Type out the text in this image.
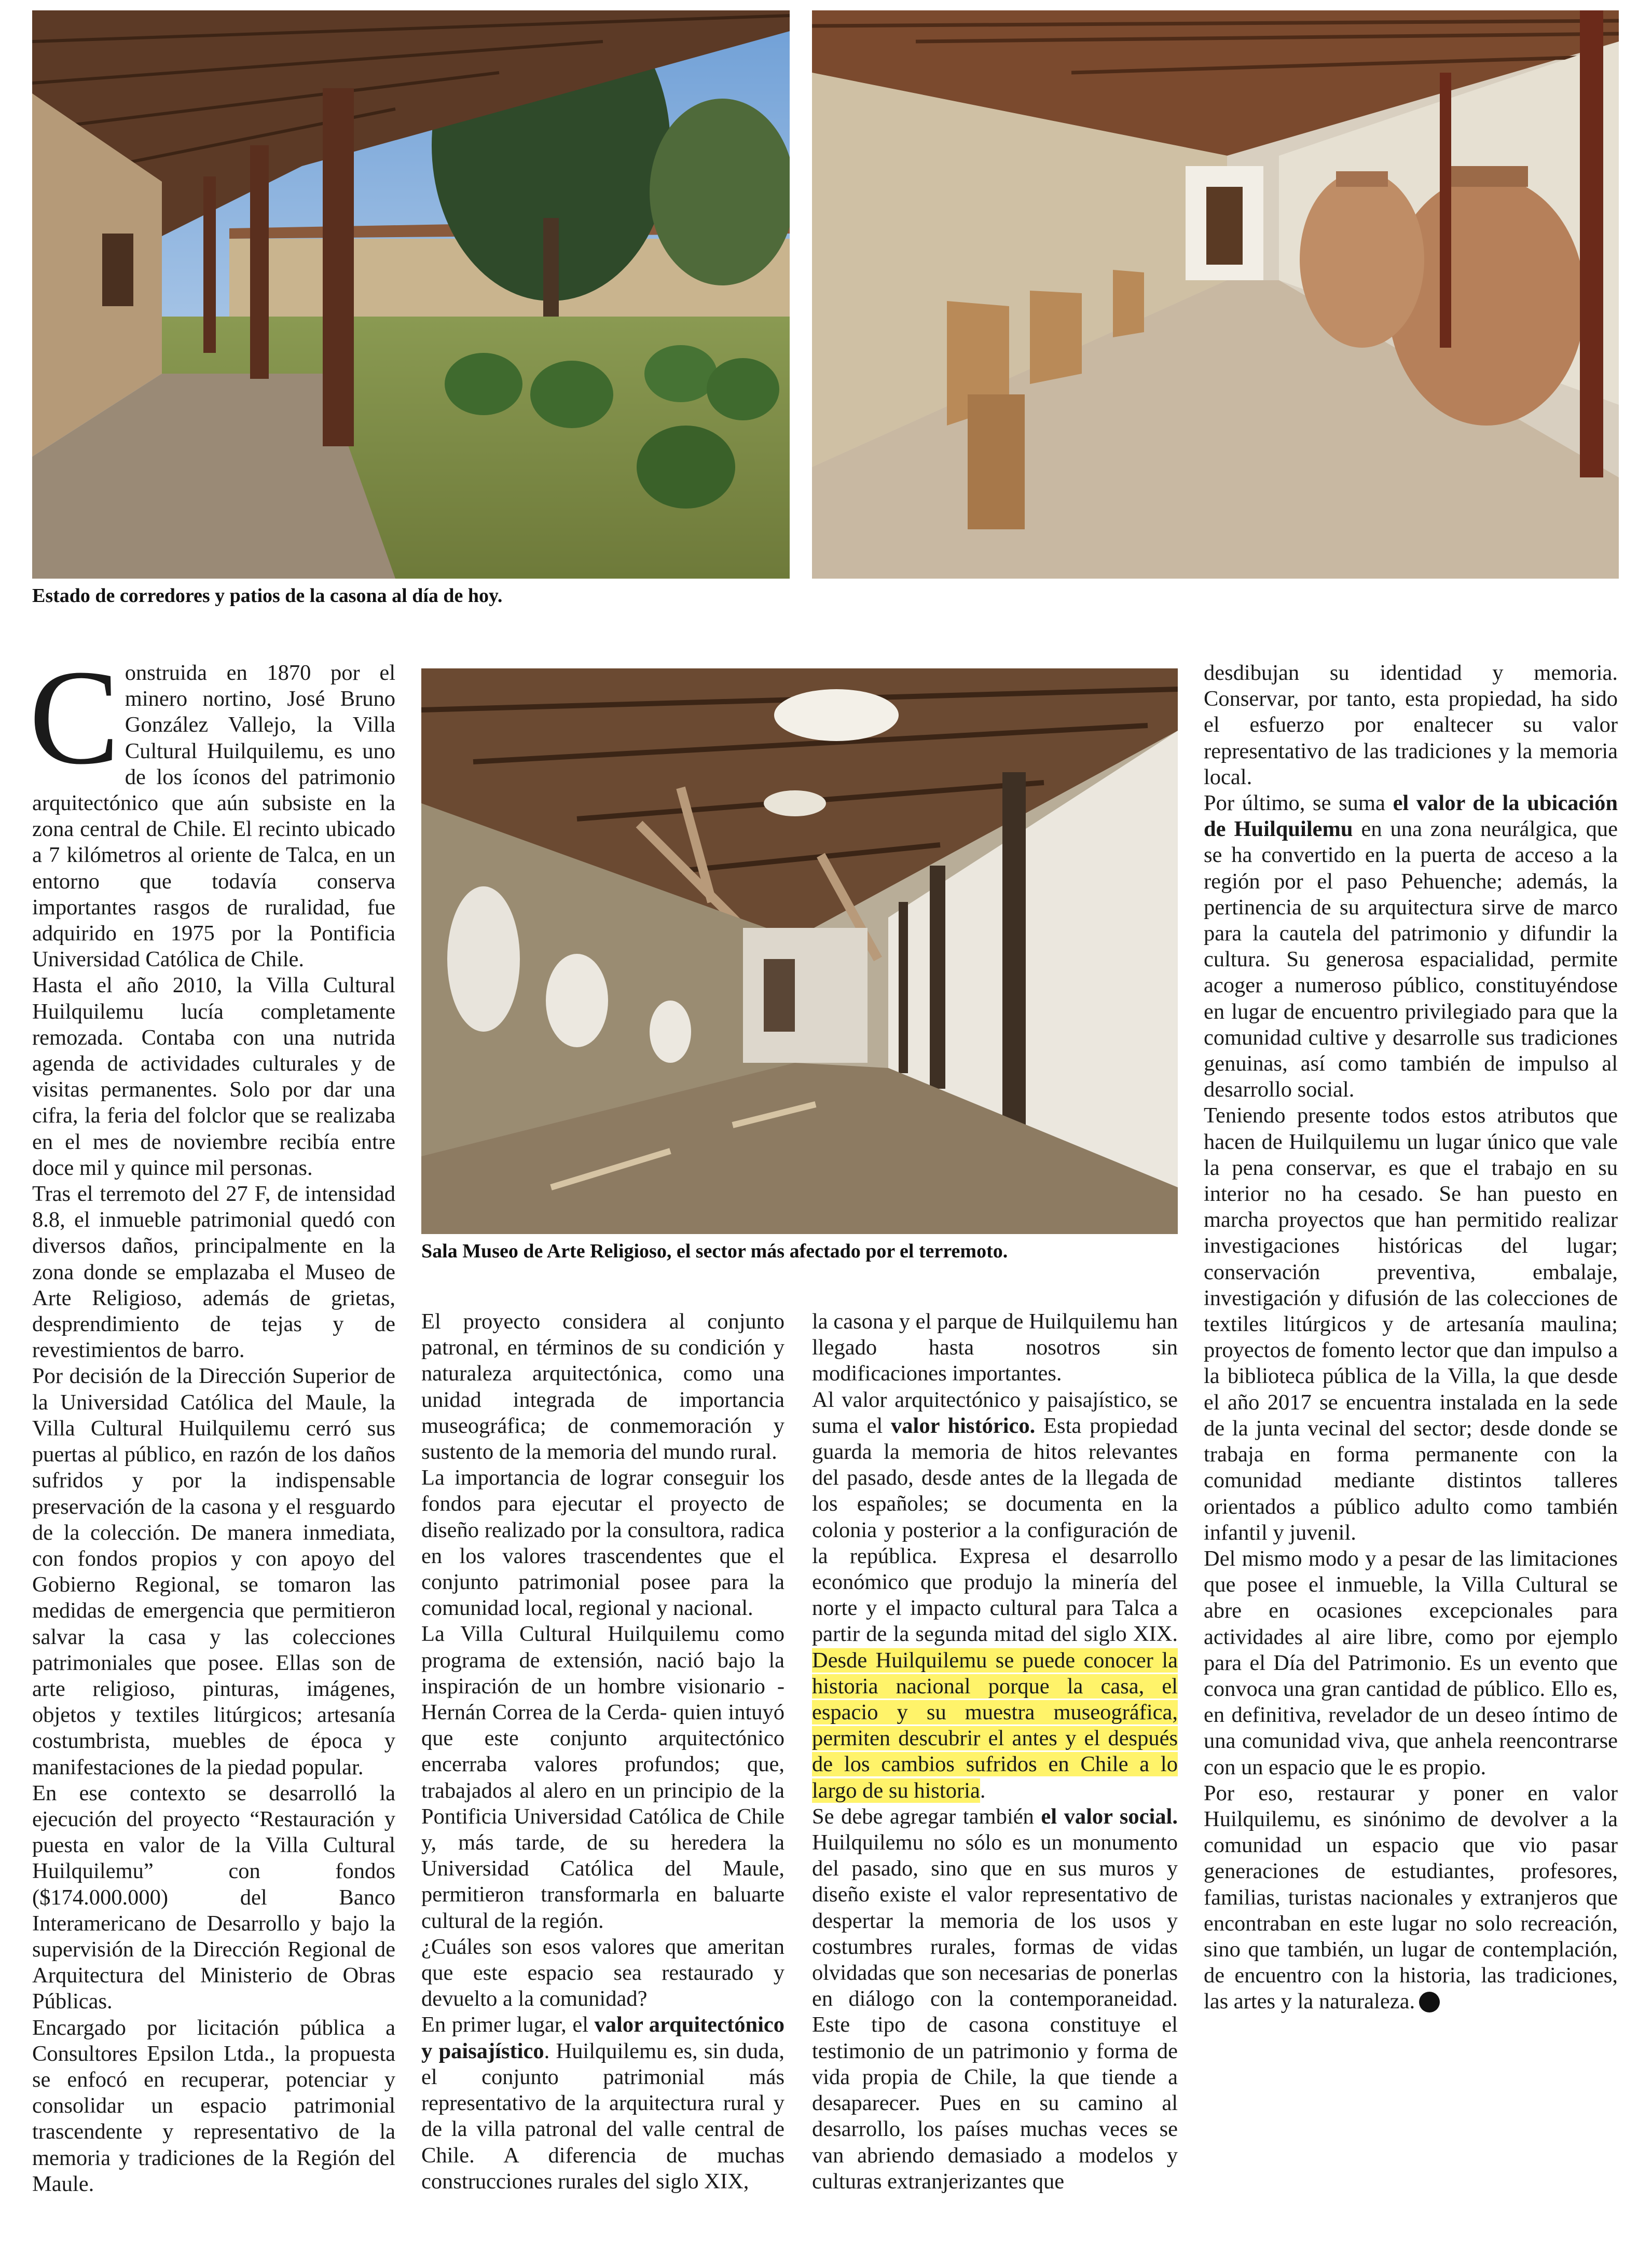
Estado de corredores y patios de la casona al día de hoy.
Sala Museo de Arte Religioso, el sector más afectado por el terremoto.

Construida en 1870 por el minero nortino, José Bruno González Vallejo, la Villa Cultural Huilquilemu, es uno de los íconos del patrimonio arquitectónico que aún subsiste en la zona central de Chile. El recinto ubicado a 7 kilómetros al oriente de Talca, en un entorno que todavía conserva importantes rasgos de ruralidad, fue adquirido en 1975 por la Pontificia Universidad Católica de Chile.

Hasta el año 2010, la Villa Cultural Huilquilemu lucía completamente remozada. Contaba con una nutrida agenda de actividades culturales y de visitas permanentes. Solo por dar una cifra, la feria del folclor que se realizaba en el mes de noviembre recibía entre doce mil y quince mil personas.

Tras el terremoto del 27 F, de intensidad 8.8, el inmueble patrimonial quedó con diversos daños, principalmente en la zona donde se emplazaba el Museo de Arte Religioso, además de grietas, desprendimiento de tejas y de revestimientos de barro.

Por decisión de la Dirección Superior de la Universidad Católica del Maule, la Villa Cultural Huilquilemu cerró sus puertas al público, en razón de los daños sufridos y por la indispensable preservación de la casona y el resguardo de la colección. De manera inmediata, con fondos propios y con apoyo del Gobierno Regional, se tomaron las medidas de emergencia que permitieron salvar la casa y las colecciones patrimoniales que posee. Ellas son de arte religioso, pinturas, imágenes, objetos y textiles litúrgicos; artesanía costumbrista, muebles de época y manifestaciones de la piedad popular.

En ese contexto se desarrolló la ejecución del proyecto “Restauración y puesta en valor de la Villa Cultural Huilquilemu” con fondos ($174.000.000) del Banco Interamericano de Desarrollo y bajo la supervisión de la Dirección Regional de Arquitectura del Ministerio de Obras Públicas.

Encargado por licitación pública a Consultores Epsilon Ltda., la propuesta se enfocó en recuperar, potenciar y consolidar un espacio patrimonial trascendente y representativo de la memoria y tradiciones de la Región del Maule.

El proyecto considera al conjunto patronal, en términos de su condición y naturaleza arquitectónica, como una unidad integrada de importancia museográfica; de conmemoración y sustento de la memoria del mundo rural.

La importancia de lograr conseguir los fondos para ejecutar el proyecto de diseño realizado por la consultora, radica en los valores trascendentes que el conjunto patrimonial posee para la comunidad local, regional y nacional.

La Villa Cultural Huilquilemu como programa de extensión, nació bajo la inspiración de un hombre visionario -Hernán Correa de la Cerda- quien intuyó que este conjunto arquitectónico encerraba valores profundos; que, trabajados al alero en un principio de la Pontificia Universidad Católica de Chile y, más tarde, de su heredera la Universidad Católica del Maule, permitieron transformarla en baluarte cultural de la región.

¿Cuáles son esos valores que ameritan que este espacio sea restaurado y devuelto a la comunidad?

En primer lugar, el valor arquitectónico y paisajístico. Huilquilemu es, sin duda, el conjunto patrimonial más representativo de la arquitectura rural y de la villa patronal del valle central de Chile. A diferencia de muchas construcciones rurales del siglo XIX,

la casona y el parque de Huilquilemu han llegado hasta nosotros sin modificaciones importantes.

Al valor arquitectónico y paisajístico, se suma el valor histórico. Esta propiedad guarda la memoria de hitos relevantes del pasado, desde antes de la llegada de los españoles; se documenta en la colonia y posterior a la configuración de la república. Expresa el desarrollo económico que produjo la minería del norte y el impacto cultural para Talca a partir de la segunda mitad del siglo XIX. Desde Huilquilemu se puede conocer la historia nacional porque la casa, el espacio y su muestra museográfica, permiten descubrir el antes y el después de los cambios sufridos en Chile a lo largo de su historia.

Se debe agregar también el valor social. Huilquilemu no sólo es un monumento del pasado, sino que en sus muros y diseño existe el valor representativo de despertar la memoria de los usos y costumbres rurales, formas de vidas olvidadas que son necesarias de ponerlas en diálogo con la contemporaneidad. Este tipo de casona constituye el testimonio de un patrimonio y forma de vida propia de Chile, la que tiende a desaparecer. Pues en su camino al desarrollo, los países muchas veces se van abriendo demasiado a modelos y culturas extranjerizantes que

desdibujan su identidad y memoria. Conservar, por tanto, esta propiedad, ha sido el esfuerzo por enaltecer su valor representativo de las tradiciones y la memoria local.

Por último, se suma el valor de la ubicación de Huilquilemu en una zona neurálgica, que se ha convertido en la puerta de acceso a la región por el paso Pehuenche; además, la pertinencia de su arquitectura sirve de marco para la cautela del patrimonio y difundir la cultura. Su generosa espacialidad, permite acoger a numeroso público, constituyéndose en lugar de encuentro privilegiado para que la comunidad cultive y desarrolle sus tradiciones genuinas, así como también de impulso al desarrollo social.

Teniendo presente todos estos atributos que hacen de Huilquilemu un lugar único que vale la pena conservar, es que el trabajo en su interior no ha cesado. Se han puesto en marcha proyectos que han permitido realizar investigaciones históricas del lugar; conservación preventiva, embalaje, investigación y difusión de las colecciones de textiles litúrgicos y de artesanía maulina; proyectos de fomento lector que dan impulso a la biblioteca pública de la Villa, la que desde el año 2017 se encuentra instalada en la sede de la junta vecinal del sector; desde donde se trabaja en forma permanente con la comunidad mediante distintos talleres orientados a público adulto como también infantil y juvenil.

Del mismo modo y a pesar de las limitaciones que posee el inmueble, la Villa Cultural se abre en ocasiones excepcionales para actividades al aire libre, como por ejemplo para el Día del Patrimonio. Es un evento que convoca una gran cantidad de público. Ello es, en definitiva, revelador de un deseo íntimo de una comunidad viva, que anhela reencontrarse con un espacio que le es propio.

Por eso, restaurar y poner en valor Huilquilemu, es sinónimo de devolver a la comunidad un espacio que vio pasar generaciones de estudiantes, profesores, familias, turistas nacionales y extranjeros que encontraban en este lugar no solo recreación, sino que también, un lugar de contemplación, de encuentro con la historia, las tradiciones, las artes y la naturaleza.
